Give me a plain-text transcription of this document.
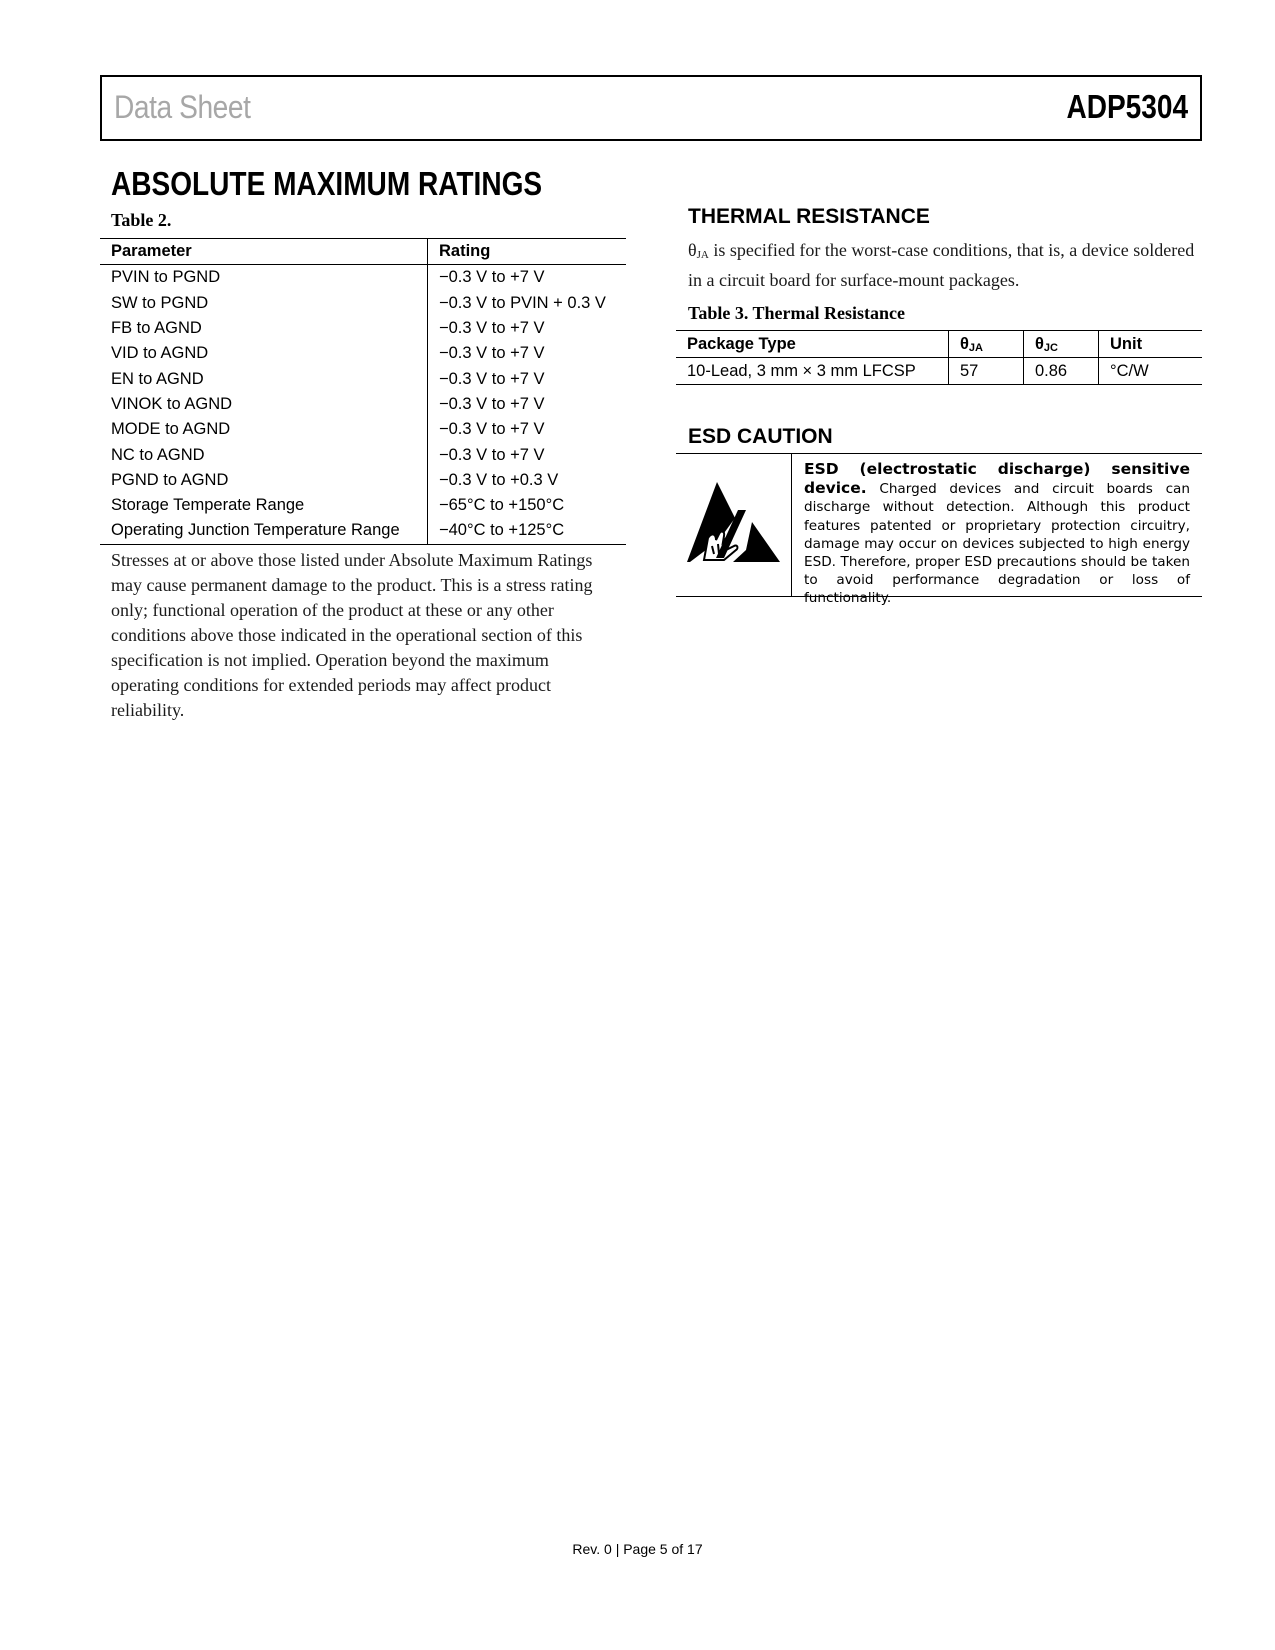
Data Sheet	ADP5304
ABSOLUTE MAXIMUM RATINGS
Table 2.
Parameter	Rating
PVIN to PGND	−0.3 V to +7 V
SW to PGND	−0.3 V to PVIN + 0.3 V
FB to AGND	−0.3 V to +7 V
VID to AGND	−0.3 V to +7 V
EN to AGND	−0.3 V to +7 V
VINOK to AGND	−0.3 V to +7 V
MODE to AGND	−0.3 V to +7 V
NC to AGND	−0.3 V to +7 V
PGND to AGND	−0.3 V to +0.3 V
Storage Temperate Range	−65°C to +150°C
Operating Junction Temperature Range	−40°C to +125°C

Stresses at or above those listed under Absolute Maximum Ratings may cause permanent damage to the product. This is a stress rating only; functional operation of the product at these or any other conditions above those indicated in the operational section of this specification is not implied. Operation beyond the maximum operating conditions for extended periods may affect product reliability.

THERMAL RESISTANCE

$\theta_{JA}$ is specified for the worst-case conditions, that is, a device soldered in a circuit board for surface-mount packages.

Table 3. Thermal Resistance
Package Type	$\theta_{JA}$	$\theta_{JC}$	Unit
10-Lead, 3 mm × 3 mm LFCSP	57	0.86	°C/W
ESD CAUTION
ESD (electrostatic discharge) sensitive device. Charged devices and circuit boards can discharge without detection. Although this product features patented or proprietary protection circuitry, damage may occur on devices subjected to high energy ESD. Therefore, proper ESD precautions should be taken to avoid performance degradation or loss of functionality.
Rev. 0 | Page 5 of 17
